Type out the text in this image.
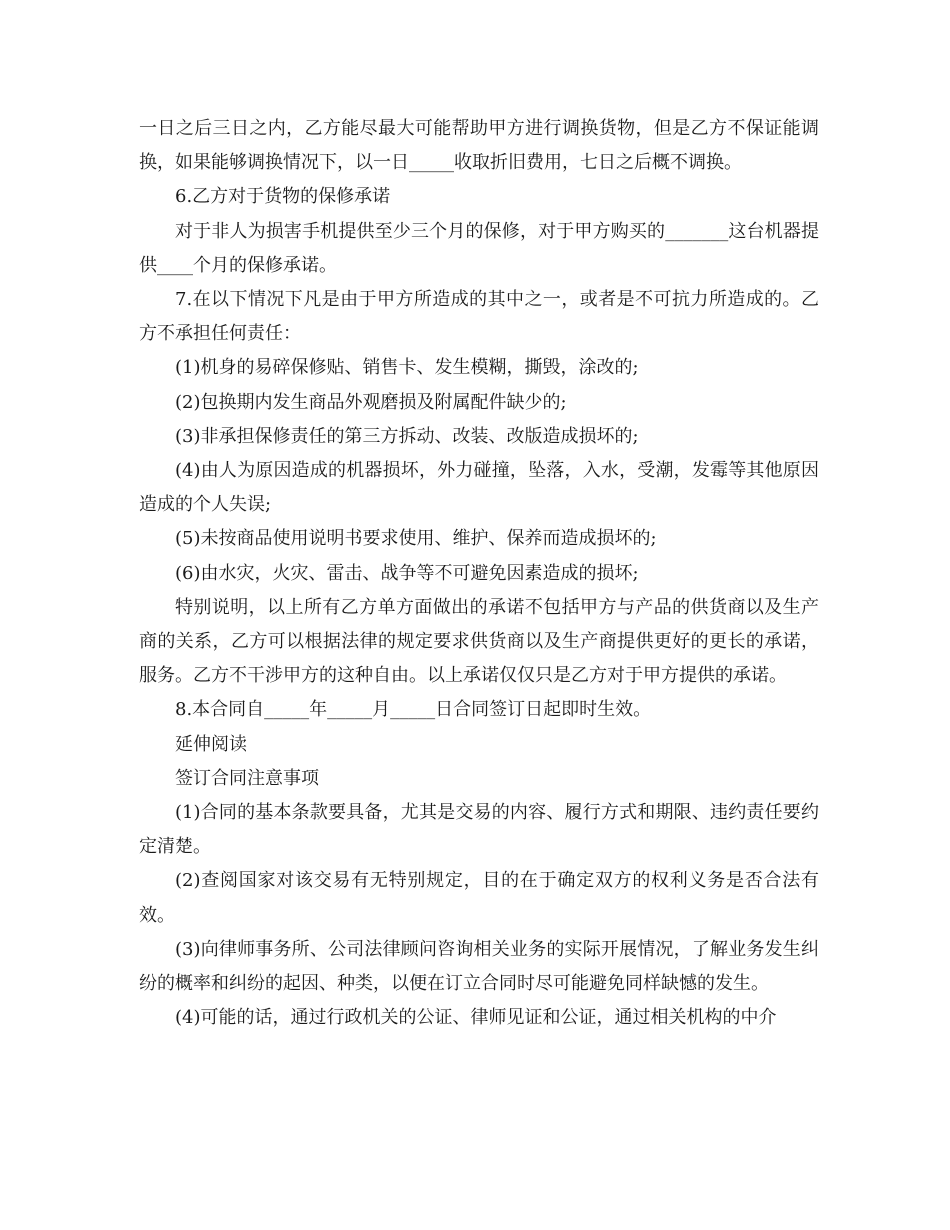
一日之后三日之内，乙方能尽最大可能帮助甲方进行调换货物，但是乙方不保证能调换，如果能够调换情况下，以一日_____收取折旧费用，七日之后概不调换。

6.乙方对于货物的保修承诺

对于非人为损害手机提供至少三个月的保修，对于甲方购买的_______这台机器提供____个月的保修承诺。

7.在以下情况下凡是由于甲方所造成的其中之一，或者是不可抗力所造成的。乙方不承担任何责任：

(1)机身的易碎保修贴、销售卡、发生模糊，撕毁，涂改的;

(2)包换期内发生商品外观磨损及附属配件缺少的;

(3)非承担保修责任的第三方拆动、改装、改版造成损坏的;

(4)由人为原因造成的机器损坏，外力碰撞，坠落，入水，受潮，发霉等其他原因造成的个人失误;

(5)未按商品使用说明书要求使用、维护、保养而造成损坏的;

(6)由水灾，火灾、雷击、战争等不可避免因素造成的损坏;

特别说明，以上所有乙方单方面做出的承诺不包括甲方与产品的供货商以及生产商的关系，乙方可以根据法律的规定要求供货商以及生产商提供更好的更长的承诺，服务。乙方不干涉甲方的这种自由。以上承诺仅仅只是乙方对于甲方提供的承诺。

8.本合同自_____年_____月_____日合同签订日起即时生效。

延伸阅读

签订合同注意事项

(1)合同的基本条款要具备，尤其是交易的内容、履行方式和期限、违约责任要约定清楚。

(2)查阅国家对该交易有无特别规定，目的在于确定双方的权利义务是否合法有效。

(3)向律师事务所、公司法律顾问咨询相关业务的实际开展情况，了解业务发生纠纷的概率和纠纷的起因、种类，以便在订立合同时尽可能避免同样缺憾的发生。

(4)可能的话，通过行政机关的公证、律师见证和公证，通过相关机构的中介
